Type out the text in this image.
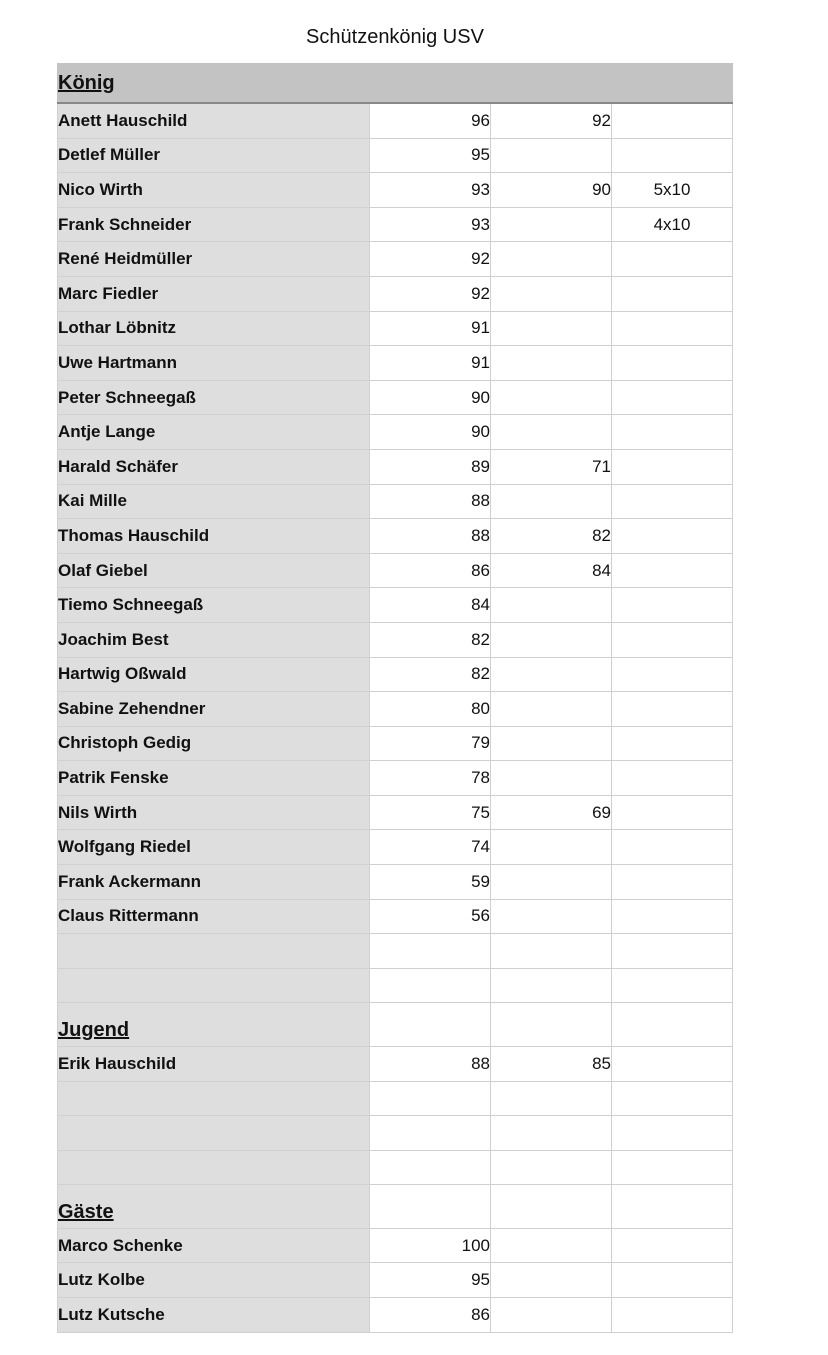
Schützenkönig USV
König			
Anett Hauschild	96	92	
Detlef Müller	95		
Nico Wirth	93	90	5x10
Frank Schneider	93		4x10
René Heidmüller	92		
Marc Fiedler	92		
Lothar Löbnitz	91		
Uwe Hartmann	91		
Peter Schneegaß	90		
Antje Lange	90		
Harald Schäfer	89	71	
Kai Mille	88		
Thomas Hauschild	88	82	
Olaf Giebel	86	84	
Tiemo Schneegaß	84		
Joachim Best	82		
Hartwig Oßwald	82		
Sabine Zehendner	80		
Christoph Gedig	79		
Patrik Fenske	78		
Nils Wirth	75	69	
Wolfgang Riedel	74		
Frank Ackermann	59		
Claus Rittermann	56		

Jugend			
Erik Hauschild	88	85	

Gäste			
Marco Schenke	100		
Lutz Kolbe	95		
Lutz Kutsche	86		
